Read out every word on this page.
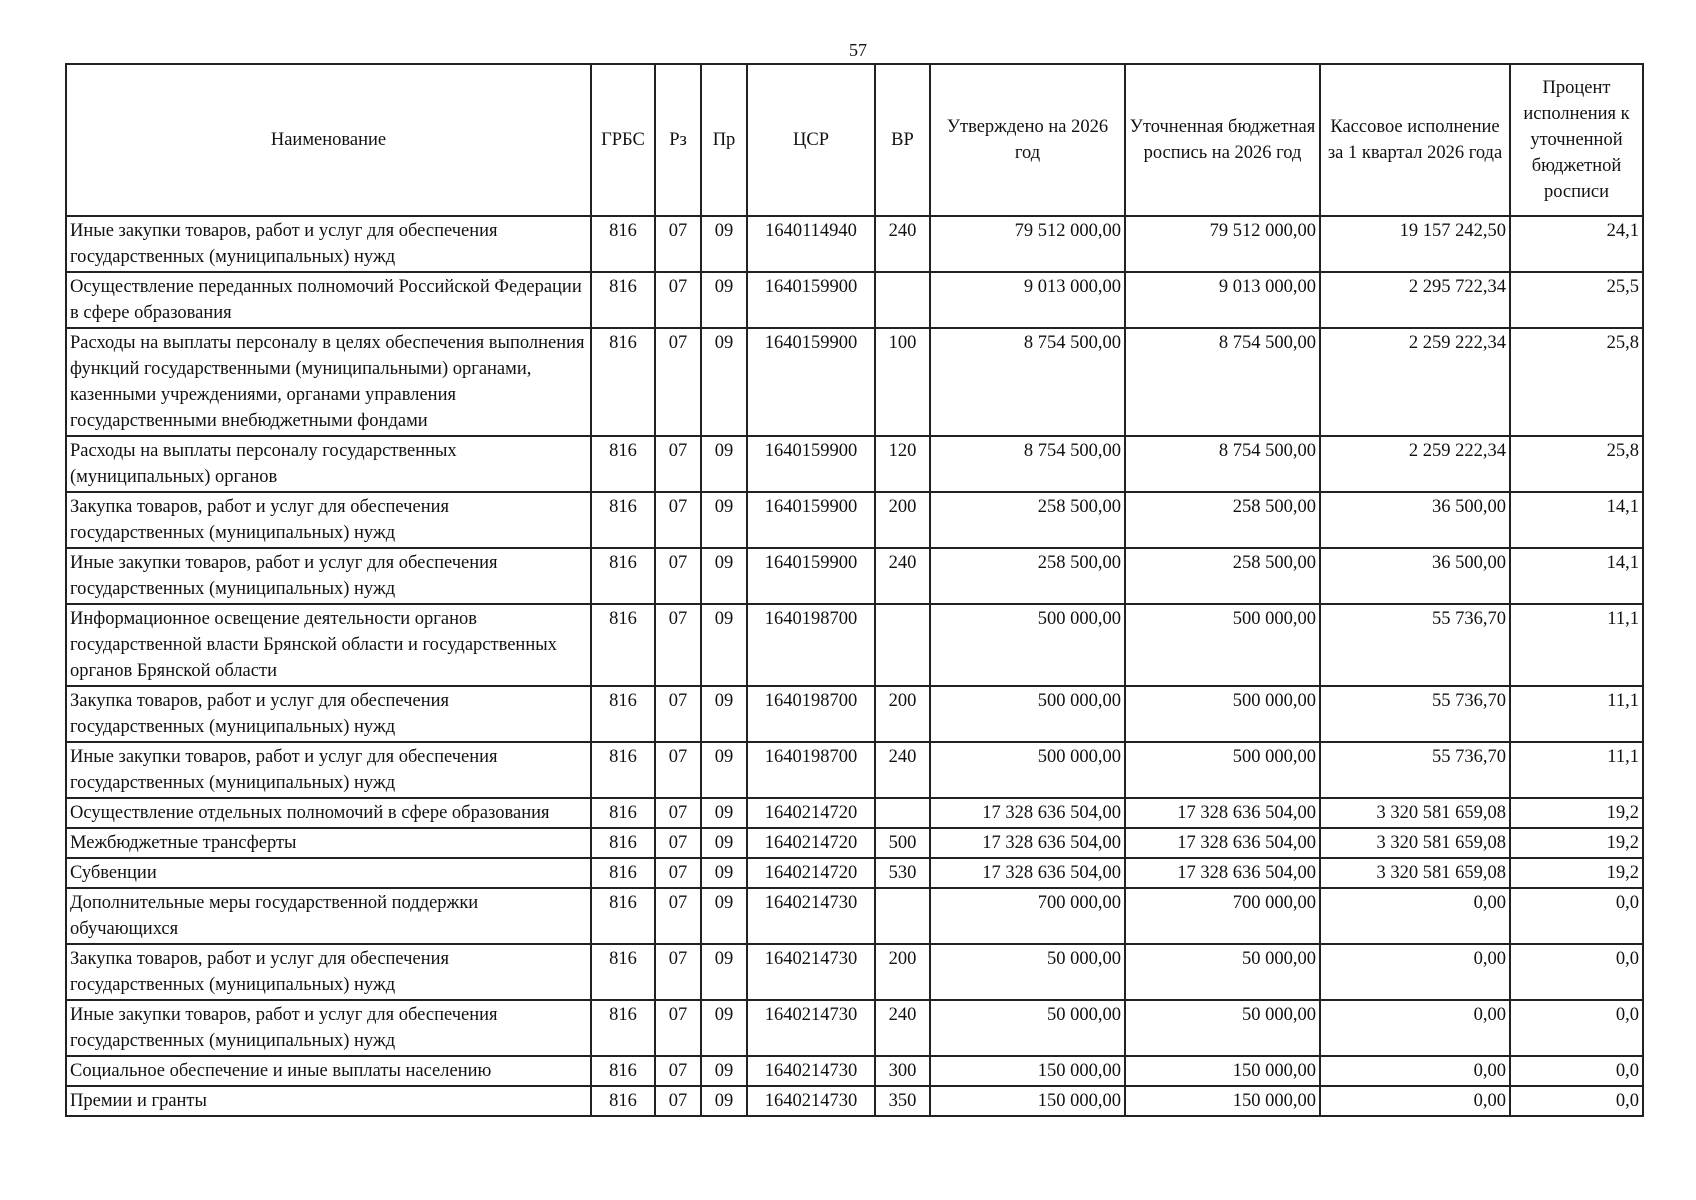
57
Наименование	ГРБС	Рз	Пр	ЦСР	ВР	Утверждено на 2026 год	Уточненная бюджетная роспись на 2026 год	Кассовое исполнение за 1 квартал 2026 года	Процент исполнения к уточненной бюджетной росписи
Иные закупки товаров, работ и услуг для обеспечения государственных (муниципальных) нужд	816	07	09	1640114940	240	79 512 000,00	79 512 000,00	19 157 242,50	24,1
Осуществление переданных полномочий Российской Федерации в сфере образования	816	07	09	1640159900		9 013 000,00	9 013 000,00	2 295 722,34	25,5
Расходы на выплаты персоналу в целях обеспечения выполнения функций государственными (муниципальными) органами, казенными учреждениями, органами управления государственными внебюджетными фондами	816	07	09	1640159900	100	8 754 500,00	8 754 500,00	2 259 222,34	25,8
Расходы на выплаты персоналу государственных (муниципальных) органов	816	07	09	1640159900	120	8 754 500,00	8 754 500,00	2 259 222,34	25,8
Закупка товаров, работ и услуг для обеспечения государственных (муниципальных) нужд	816	07	09	1640159900	200	258 500,00	258 500,00	36 500,00	14,1
Иные закупки товаров, работ и услуг для обеспечения государственных (муниципальных) нужд	816	07	09	1640159900	240	258 500,00	258 500,00	36 500,00	14,1
Информационное освещение деятельности органов государственной власти Брянской области и государственных органов Брянской области	816	07	09	1640198700		500 000,00	500 000,00	55 736,70	11,1
Закупка товаров, работ и услуг для обеспечения государственных (муниципальных) нужд	816	07	09	1640198700	200	500 000,00	500 000,00	55 736,70	11,1
Иные закупки товаров, работ и услуг для обеспечения государственных (муниципальных) нужд	816	07	09	1640198700	240	500 000,00	500 000,00	55 736,70	11,1
Осуществление отдельных полномочий в сфере образования	816	07	09	1640214720		17 328 636 504,00	17 328 636 504,00	3 320 581 659,08	19,2
Межбюджетные трансферты	816	07	09	1640214720	500	17 328 636 504,00	17 328 636 504,00	3 320 581 659,08	19,2
Субвенции	816	07	09	1640214720	530	17 328 636 504,00	17 328 636 504,00	3 320 581 659,08	19,2
Дополнительные меры государственной поддержки обучающихся	816	07	09	1640214730		700 000,00	700 000,00	0,00	0,0
Закупка товаров, работ и услуг для обеспечения государственных (муниципальных) нужд	816	07	09	1640214730	200	50 000,00	50 000,00	0,00	0,0
Иные закупки товаров, работ и услуг для обеспечения государственных (муниципальных) нужд	816	07	09	1640214730	240	50 000,00	50 000,00	0,00	0,0
Социальное обеспечение и иные выплаты населению	816	07	09	1640214730	300	150 000,00	150 000,00	0,00	0,0
Премии и гранты	816	07	09	1640214730	350	150 000,00	150 000,00	0,00	0,0
